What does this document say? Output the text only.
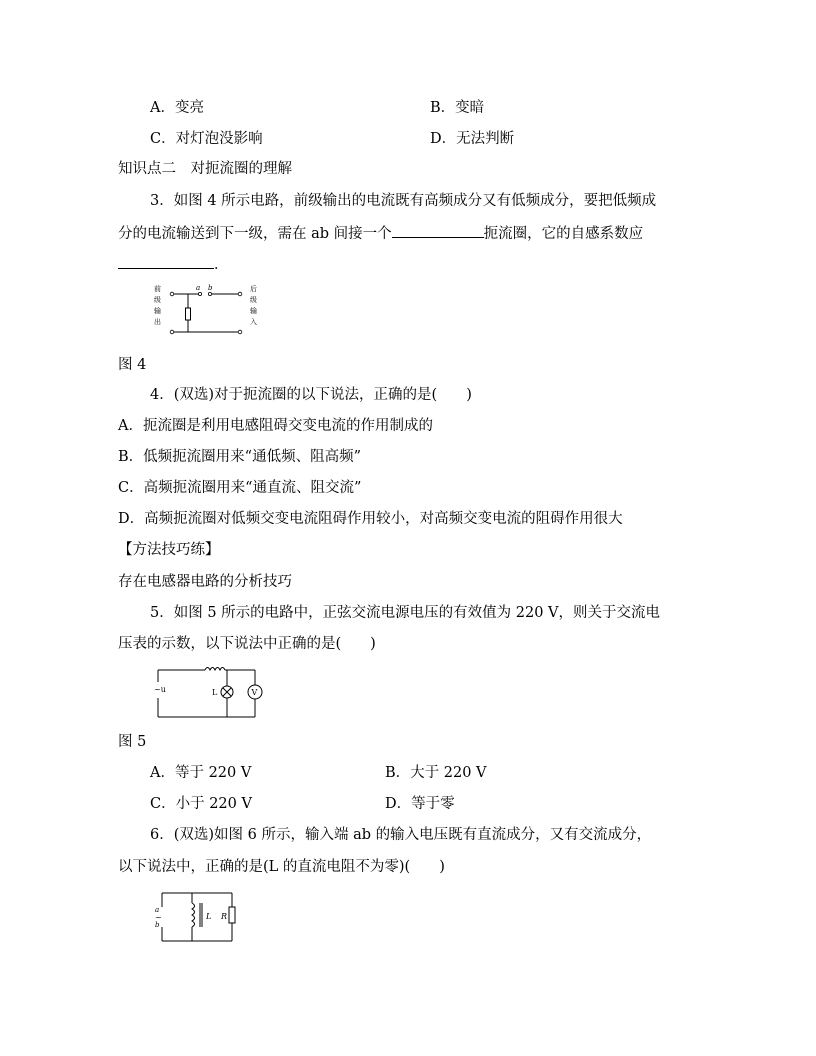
A．变亮	B．变暗
C．对灯泡没影响	D．无法判断
知识点二　对扼流圈的理解
3．如图 4 所示电路，前级输出的电流既有高频成分又有低频成分，要把低频成
分的电流输送到下一级，需在 ab 间接一个	扼流圈，它的自感系数应
．
前 级 输 出
a b	后 级 输 入
图 4
4．(双选)对于扼流圈的以下说法，正确的是(　　)
A．扼流圈是利用电感阻碍交变电流的作用制成的
B．低频扼流圈用来“通低频、阻高频”
C．高频扼流圈用来“通直流、阻交流”
D．高频扼流圈对低频交变电流阻碍作用较小，对高频交变电流的阻碍作用很大
【方法技巧练】
存在电感器电路的分析技巧
5．如图 5 所示的电路中，正弦交流电源电压的有效值为 220 V，则关于交流电
压表的示数，以下说法中正确的是(　　)
~u	L	V
图 5
A．等于 220 V	B．大于 220 V
C．小于 220 V	D．等于零
6．(双选)如图 6 所示，输入端 ab 的输入电压既有直流成分，又有交流成分，
以下说法中，正确的是(L 的直流电阻不为零)(　　)
a
~
b
L R
